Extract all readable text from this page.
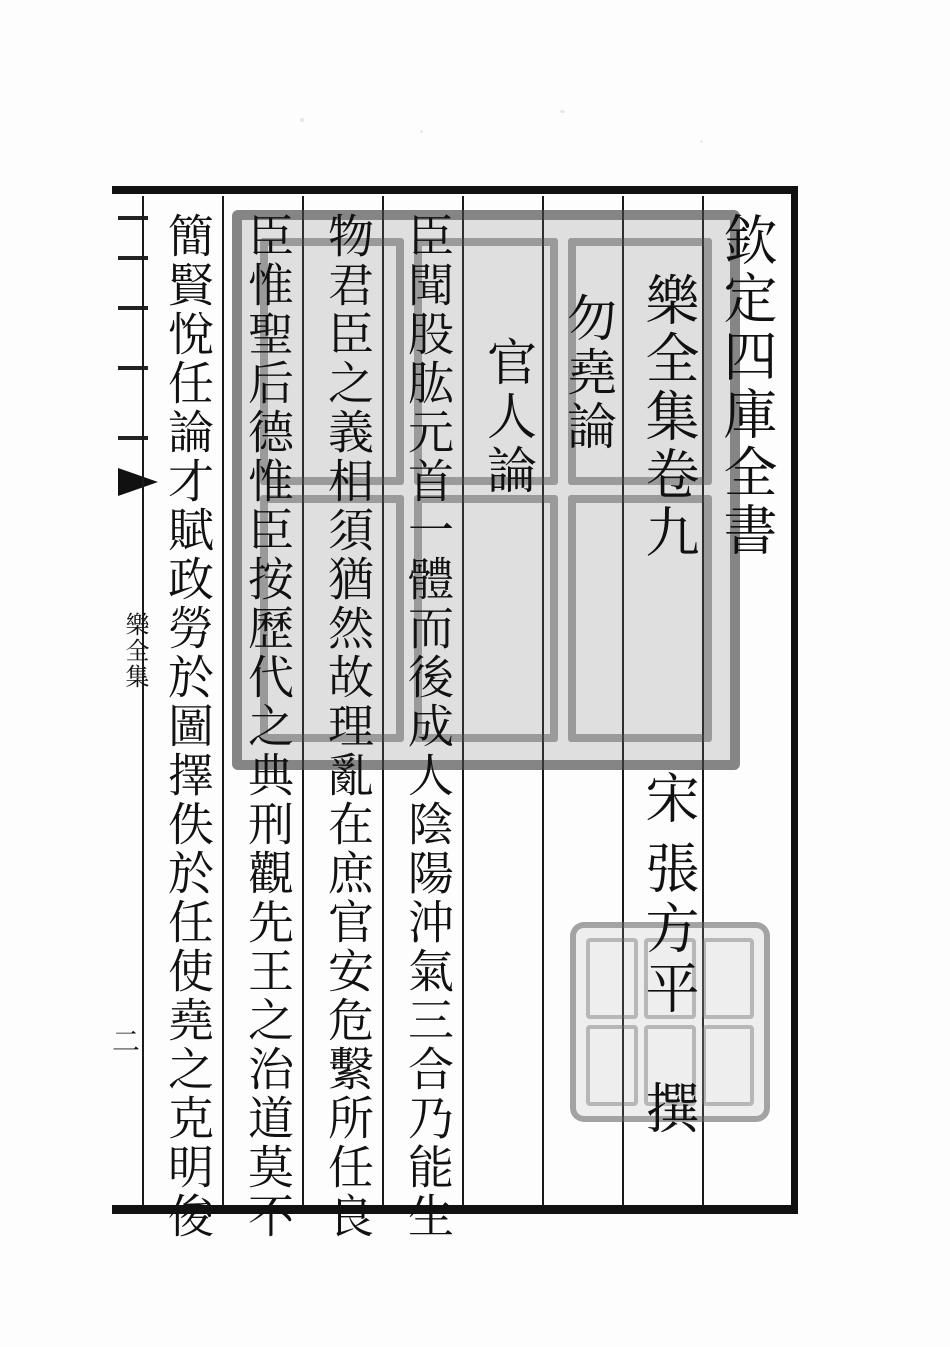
欽定四庫全書
樂全集卷九
宋
張方平　撰
勿堯論
官人論
臣聞股肱元首一體而後成人陰陽沖氣三合乃能生
物君臣之義相須猶然故理亂在庶官安危繫所任良
臣惟聖后德惟臣按歷代之典刑觀先王之治道莫不
簡賢悅任論才賦政勞於圖擇佚於任使堯之克明俊
樂全集
二
